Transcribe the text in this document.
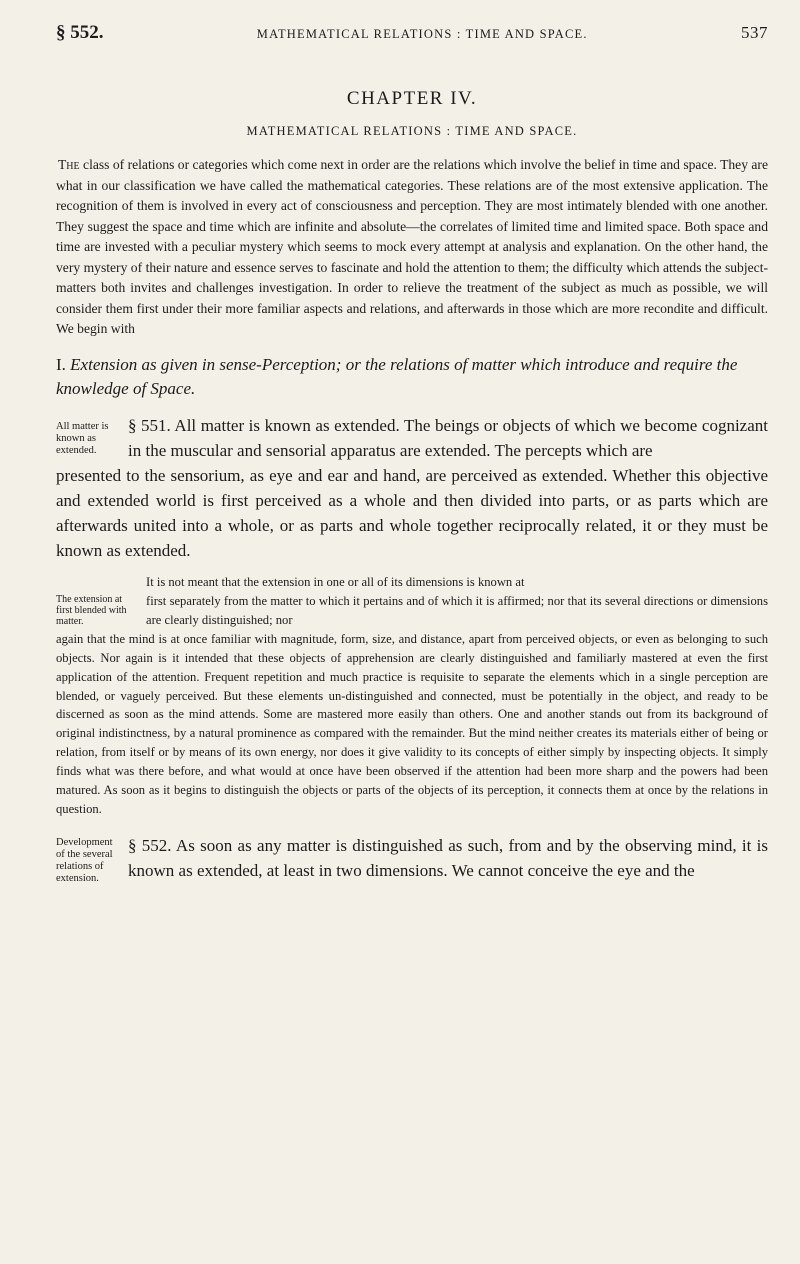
§ 552.	MATHEMATICAL RELATIONS : TIME AND SPACE.	537
CHAPTER IV.
MATHEMATICAL RELATIONS : TIME AND SPACE.

The class of relations or categories which come next in order are the relations which involve the belief in time and space. They are what in our classification we have called the mathematical categories. These relations are of the most extensive application. The recognition of them is involved in every act of consciousness and perception. They are most intimately blended with one another. They suggest the space and time which are infinite and absolute—the correlates of limited time and limited space. Both space and time are invested with a peculiar mystery which seems to mock every attempt at analysis and explanation. On the other hand, the very mystery of their nature and essence serves to fascinate and hold the attention to them; the difficulty which attends the subject-matters both invites and challenges investigation. In order to relieve the treatment of the subject as much as possible, we will consider them first under their more familiar aspects and relations, and afterwards in those which are more recondite and difficult. We begin with

I. Extension as given in sense-Perception; or the relations of matter which introduce and require the knowledge of Space.
All matter is known as extended.
§ 551. All matter is known as extended. The beings or objects of which we become cognizant in the muscular and sensorial apparatus are extended. The percepts which are
presented to the sensorium, as eye and ear and hand, are perceived as extended. Whether this objective and extended world is first perceived as a whole and then divided into parts, or as parts which are afterwards united into a whole, or as parts and whole together reciprocally related, it or they must be known as extended.
It is not meant that the extension in one or all of its dimensions is known at
The extension at first blended with matter.
first separately from the matter to which it pertains and of which it is affirmed; nor that its several directions or dimensions are clearly distinguished; nor
again that the mind is at once familiar with magnitude, form, size, and distance, apart from perceived objects, or even as belonging to such objects. Nor again is it intended that these objects of apprehension are clearly distinguished and familiarly mastered at even the first application of the attention. Frequent repetition and much practice is requisite to separate the elements which in a single perception are blended, or vaguely perceived. But these elements un-distinguished and connected, must be potentially in the object, and ready to be discerned as soon as the mind attends. Some are mastered more easily than others. One and another stands out from its background of original indistinctness, by a natural prominence as compared with the remainder. But the mind neither creates its materials either of being or relation, from itself or by means of its own energy, nor does it give validity to its concepts of either simply by inspecting objects. It simply finds what was there before, and what would at once have been observed if the attention had been more sharp and the powers had been matured. As soon as it begins to distinguish the objects or parts of the objects of its perception, it connects them at once by the relations in question.
Development of the several relations of extension.
§ 552. As soon as any matter is distinguished as such, from and by the observing mind, it is known as extended, at least in two dimensions. We cannot conceive the eye and the
